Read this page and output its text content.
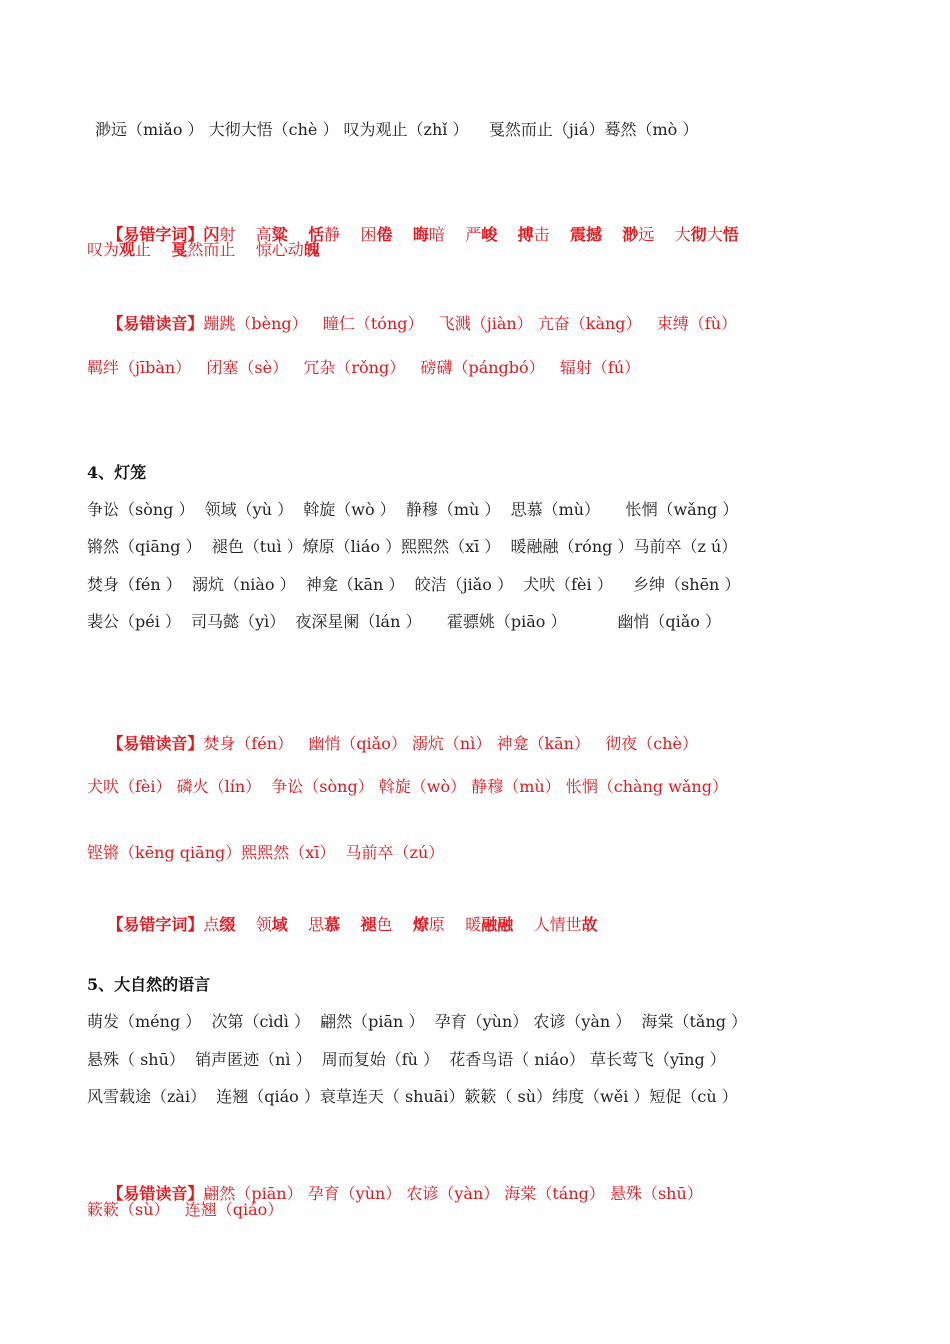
渺远（miǎo ） 大彻大悟（chè ） 叹为观止（zhǐ ）    戛然而止（jiá）蓦然（mò ）

【易错字词】闪射    高粱 恬静    困倦 晦暗    严峻 搏击    震撼 渺远    大彻大悟

叹为观止    戛然而止    惊心动魄

【易错读音】蹦跳（bèng）   瞳仁（tóng）   飞溅（jiàn） 亢奋（kàng）   束缚（fù）

羁绊（jībàn）   闭塞（sè）   冗杂（rǒng）   磅礴（pángbó）   辐射（fú）
4、灯笼
争讼（sòng ）  领域（yù ）  斡旋（wò ）  静穆（mù ）  思慕（mù）     怅惘（wǎng ）
锵然（qiāng ）  褪色（tuì ）燎原（liáo ）熙熙然（xī ）  暖融融（róng ）马前卒（z ú）
焚身（fén ）  溺炕（niào ）  神龛（kān ）  皎洁（jiǎo ）  犬吠（fèi ）    乡绅（shēn ）
裴公（péi ）  司马懿（yì）  夜深星阑（lán ）     霍骠姚（piāo ）          幽悄（qiǎo ）

【易错读音】焚身（fén）   幽悄（qiǎo） 溺炕（nì） 神龛（kān）   彻夜（chè）

犬吠（fèi） 磷火（lín）  争讼（sòng） 斡旋（wò） 静穆（mù） 怅惘（chàng wǎng）
铿锵（kēng qiāng）熙熙然（xī）  马前卒（zú）

【易错字词】点缀    领域    思慕 褪色    燎原    暖融融    人情世故

5、大自然的语言
萌发（méng ）  次第（cìdì ）  翩然（piān ）  孕育（yùn） 农谚（yàn ）  海棠（tǎng ）
悬殊（ shū）  销声匿迹（nì ）  周而复始（fù ）  花香鸟语（ niáo） 草长莺飞（yīng ）
风雪载途（zài）  连翘（qiáo ）衰草连天（ shuāi）簌簌（ sù）纬度（wěi ）短促（cù ）

【易错读音】翩然（piān） 孕育（yùn） 农谚（yàn） 海棠（táng） 悬殊（shū）

簌簌（sù）   连翘（qiáo）
